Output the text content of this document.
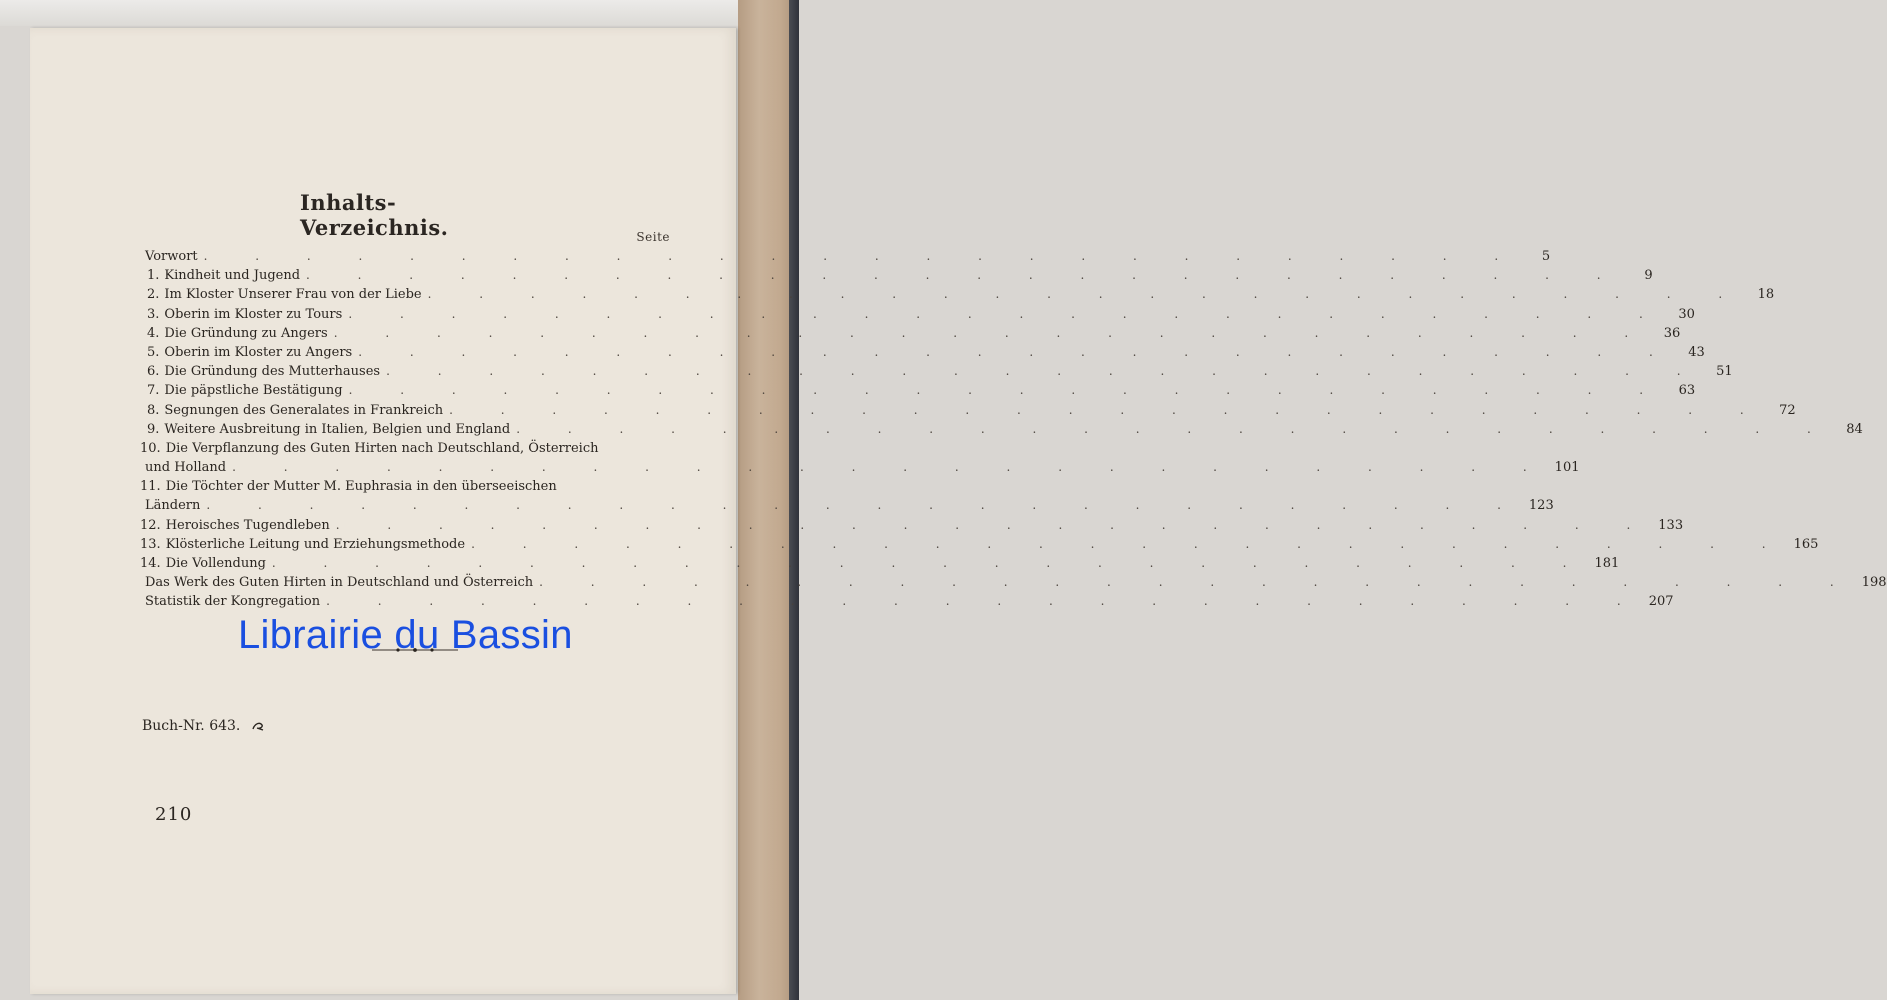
Inhalts-Verzeichnis.	Seite
Vorwort . . . . . . . . . . . . . . . . . . . . . . . . . .	5
1. Kindheit und Jugend . . . . . . . . . . . . . . . . . . . . . . . . . .	9
2. Im Kloster Unserer Frau von der Liebe . . . . . . . . . . . . . . . . . . . . . . . . . .	18
3. Oberin im Kloster zu Tours . . . . . . . . . . . . . . . . . . . . . . . . . .	30
4. Die Gründung zu Angers . . . . . . . . . . . . . . . . . . . . . . . . . .	36
5. Oberin im Kloster zu Angers . . . . . . . . . . . . . . . . . . . . . . . . . .	43
6. Die Gründung des Mutterhauses . . . . . . . . . . . . . . . . . . . . . . . . . .	51
7. Die päpstliche Bestätigung . . . . . . . . . . . . . . . . . . . . . . . . . .	63
8. Segnungen des Generalates in Frankreich . . . . . . . . . . . . . . . . . . . . . . . . . .	72
9. Weitere Ausbreitung in Italien, Belgien und England . . . . . . . . . . . . . . . . . . . . . . . . . .	84
10. Die Verpflanzung des Guten Hirten nach Deutschland, Österreich
und Holland . . . . . . . . . . . . . . . . . . . . . . . . . . 101
11. Die Töchter der Mutter M. Euphrasia in den überseeischen
Ländern . . . . . . . . . . . . . . . . . . . . . . . . . . 123
12. Heroisches Tugendleben . . . . . . . . . . . . . . . . . . . . . . . . . . 133
13. Klösterliche Leitung und Erziehungsmethode . . . . . . . . . . . . . . . . . . . . . . . . . . 165
14. Die Vollendung . . . . . . . . . . . . . . . . . . . . . . . . . . 181
Das Werk des Guten Hirten in Deutschland und Österreich . . . . . . . . . . . . . . . . . . . . . . . . . . 198
Statistik der Kongregation . . . . . . . . . . . . . . . . . . . . . . . . . . 207
Librairie du Bassin
Buch-Nr. 643.
210
